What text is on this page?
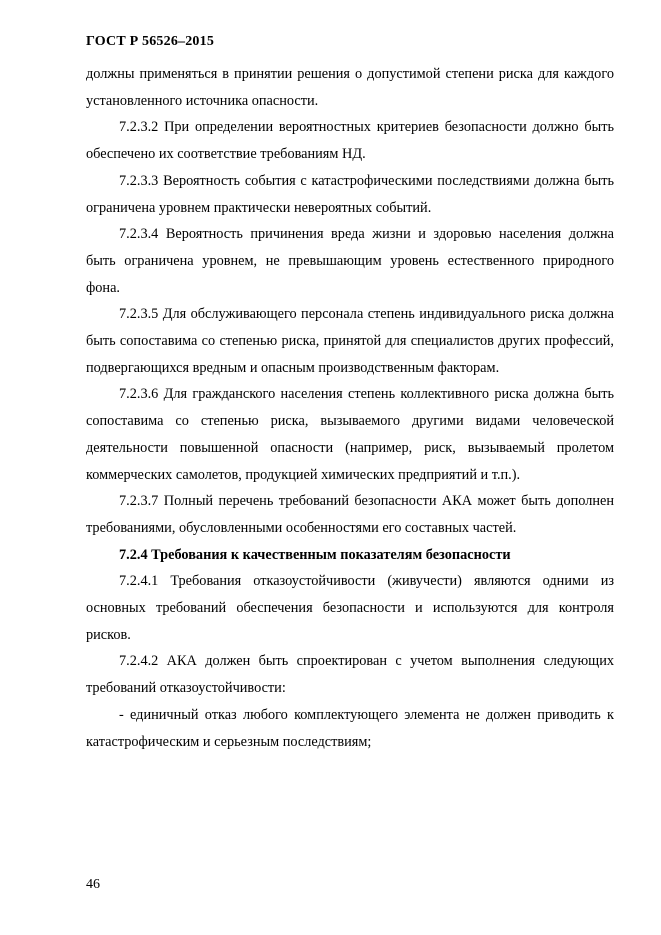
ГОСТ Р 56526–2015

должны применяться в принятии решения о допустимой степени риска для каждого установленного источника опасности.

7.2.3.2 При определении вероятностных критериев безопасности должно быть обеспечено их соответствие требованиям НД.

7.2.3.3 Вероятность события с катастрофическими последствиями должна быть ограничена уровнем практически невероятных событий.

7.2.3.4 Вероятность причинения вреда жизни и здоровью населения должна быть ограничена уровнем, не превышающим уровень естественного природного фона.

7.2.3.5 Для обслуживающего персонала степень индивидуального риска должна быть сопоставима со степенью риска, принятой для специалистов других профессий, подвергающихся вредным и опасным производственным факторам.

7.2.3.6 Для гражданского населения степень коллективного риска должна быть сопоставима со степенью риска, вызываемого другими видами человеческой деятельности повышенной опасности (например, риск, вызываемый пролетом коммерческих самолетов, продукцией химических предприятий и т.п.).

7.2.3.7 Полный перечень требований безопасности АКА может быть дополнен требованиями, обусловленными особенностями его составных частей.

7.2.4 Требования к качественным показателям безопасности

7.2.4.1 Требования отказоустойчивости (живучести) являются одними из основных требований обеспечения безопасности и используются для контроля рисков.

7.2.4.2 АКА должен быть спроектирован с учетом выполнения следующих требований отказоустойчивости:

- единичный отказ любого комплектующего элемента не должен приводить к катастрофическим и серьезным последствиям;

46
